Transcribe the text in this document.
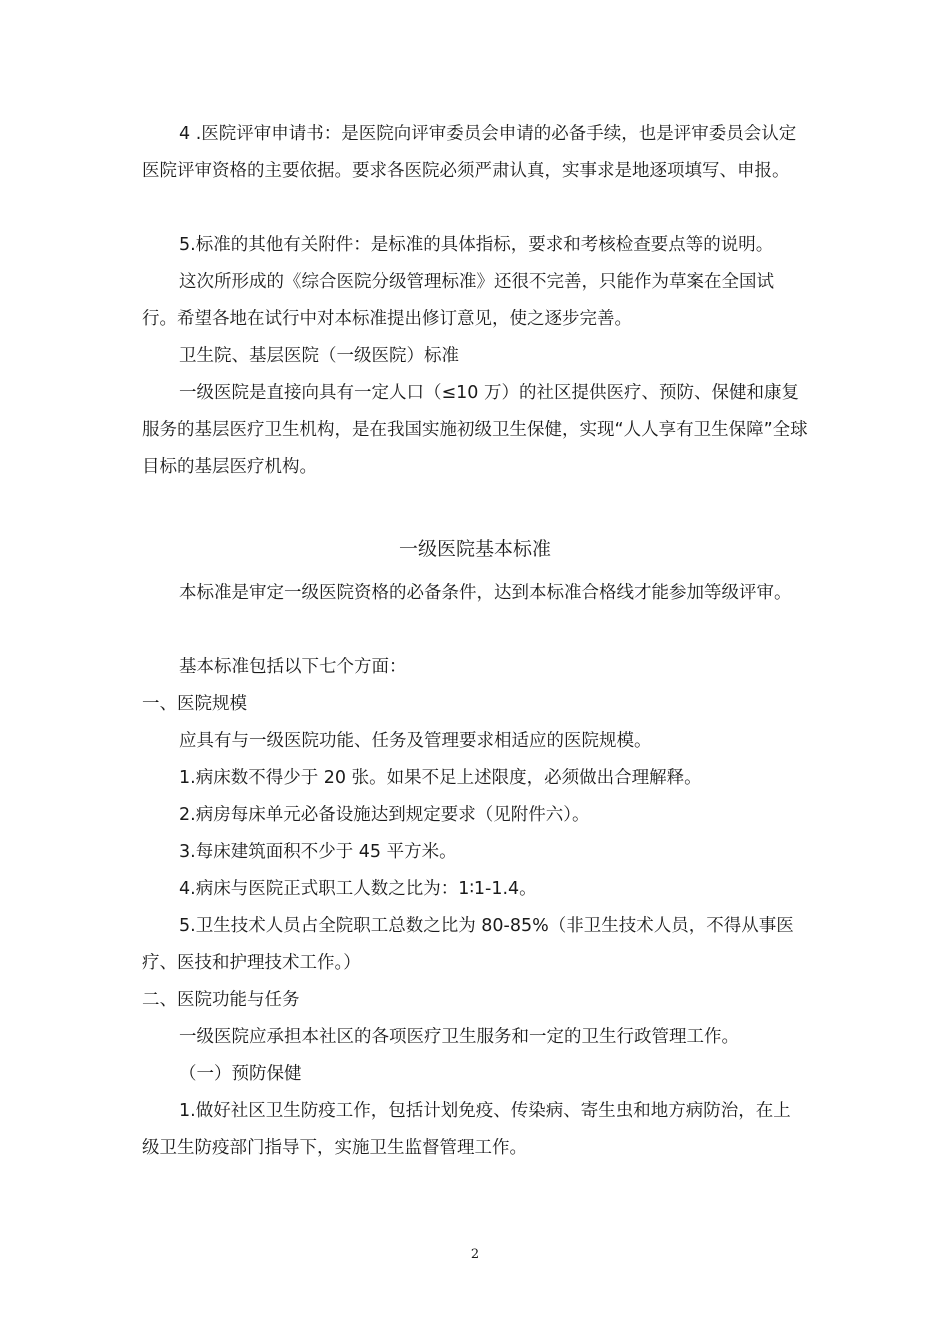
4 .医院评审申请书：是医院向评审委员会申请的必备手续，也是评审委员会认定医院评审资格的主要依据。要求各医院必须严肃认真，实事求是地逐项填写、申报。

5.标准的其他有关附件：是标准的具体指标，要求和考核检查要点等的说明。

这次所形成的《综合医院分级管理标准》还很不完善，只能作为草案在全国试行。希望各地在试行中对本标准提出修订意见，使之逐步完善。

卫生院、基层医院（一级医院）标准

一级医院是直接向具有一定人口（≤10 万）的社区提供医疗、预防、保健和康复服务的基层医疗卫生机构，是在我国实施初级卫生保健，实现“人人享有卫生保障”全球目标的基层医疗机构。

一级医院基本标准

本标准是审定一级医院资格的必备条件，达到本标准合格线才能参加等级评审。

基本标准包括以下七个方面：

一、医院规模

应具有与一级医院功能、任务及管理要求相适应的医院规模。

1.病床数不得少于 20 张。如果不足上述限度，必须做出合理解释。

2.病房每床单元必备设施达到规定要求（见附件六）。

3.每床建筑面积不少于 45 平方米。

4.病床与医院正式职工人数之比为：1∶1-1.4。

5.卫生技术人员占全院职工总数之比为 80-85%（非卫生技术人员，不得从事医疗、医技和护理技术工作。）

二、医院功能与任务

一级医院应承担本社区的各项医疗卫生服务和一定的卫生行政管理工作。

（一）预防保健

1.做好社区卫生防疫工作，包括计划免疫、传染病、寄生虫和地方病防治，在上级卫生防疫部门指导下，实施卫生监督管理工作。

2
